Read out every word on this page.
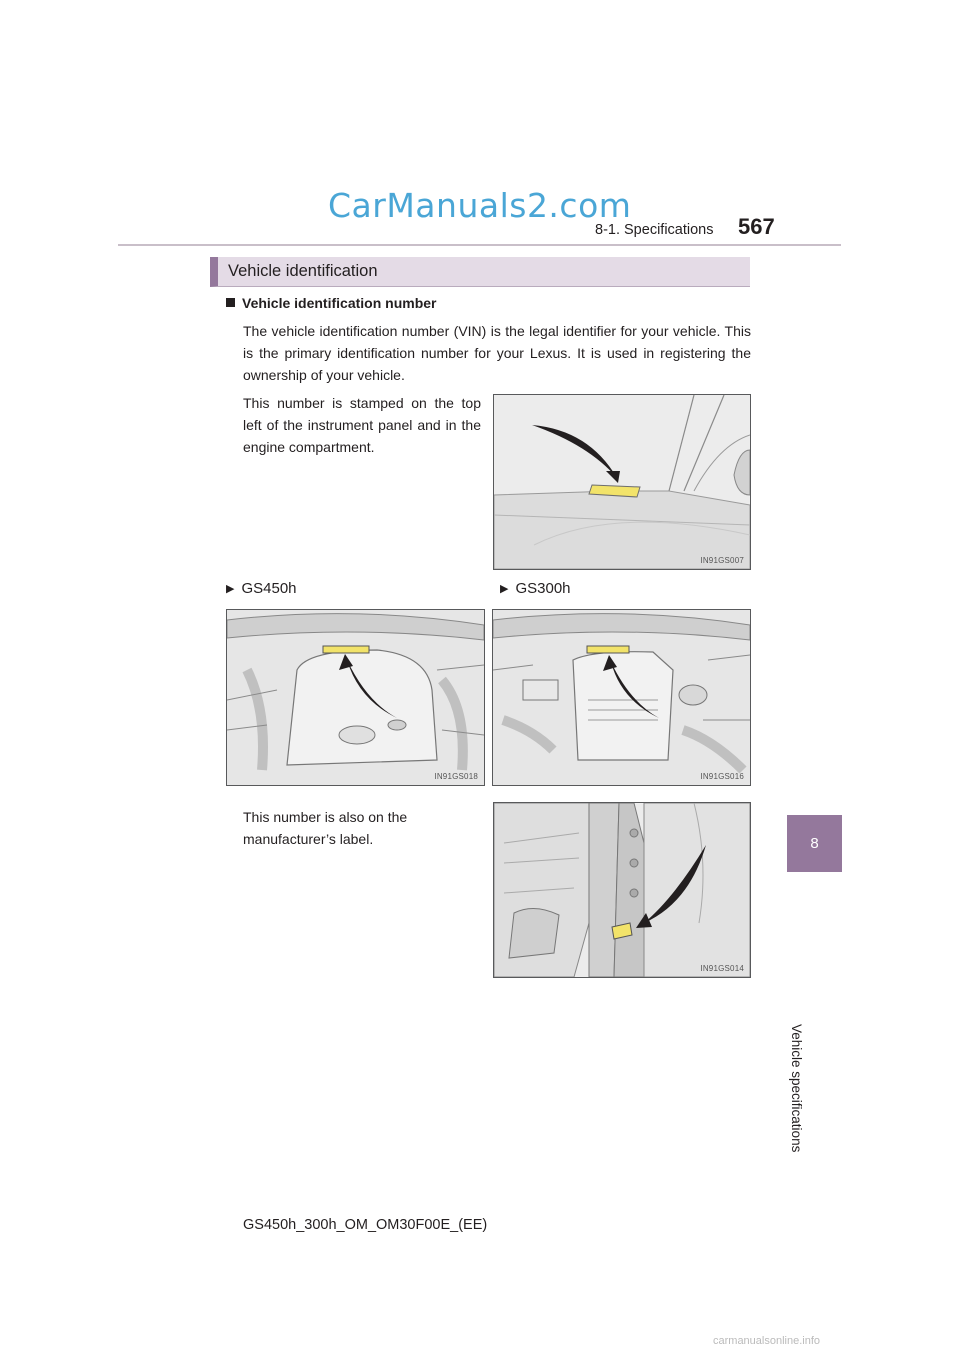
CarManuals2.com
8-1. Specifications 567
8
Vehicle specifications
Vehicle identification
Vehicle identification number
The vehicle identification number (VIN) is the legal identifier for your vehicle. This is the primary identification number for your Lexus. It is used in registering the ownership of your vehicle.
This number is stamped on the top left of the instrument panel and in the engine compartment.
IN91GS007
▶ GS450h	▶ GS300h
IN91GS018	IN91GS016
This number is also on the manufacturer’s label.
IN91GS014
GS450h_300h_OM_OM30F00E_(EE)
carmanualsonline.info
